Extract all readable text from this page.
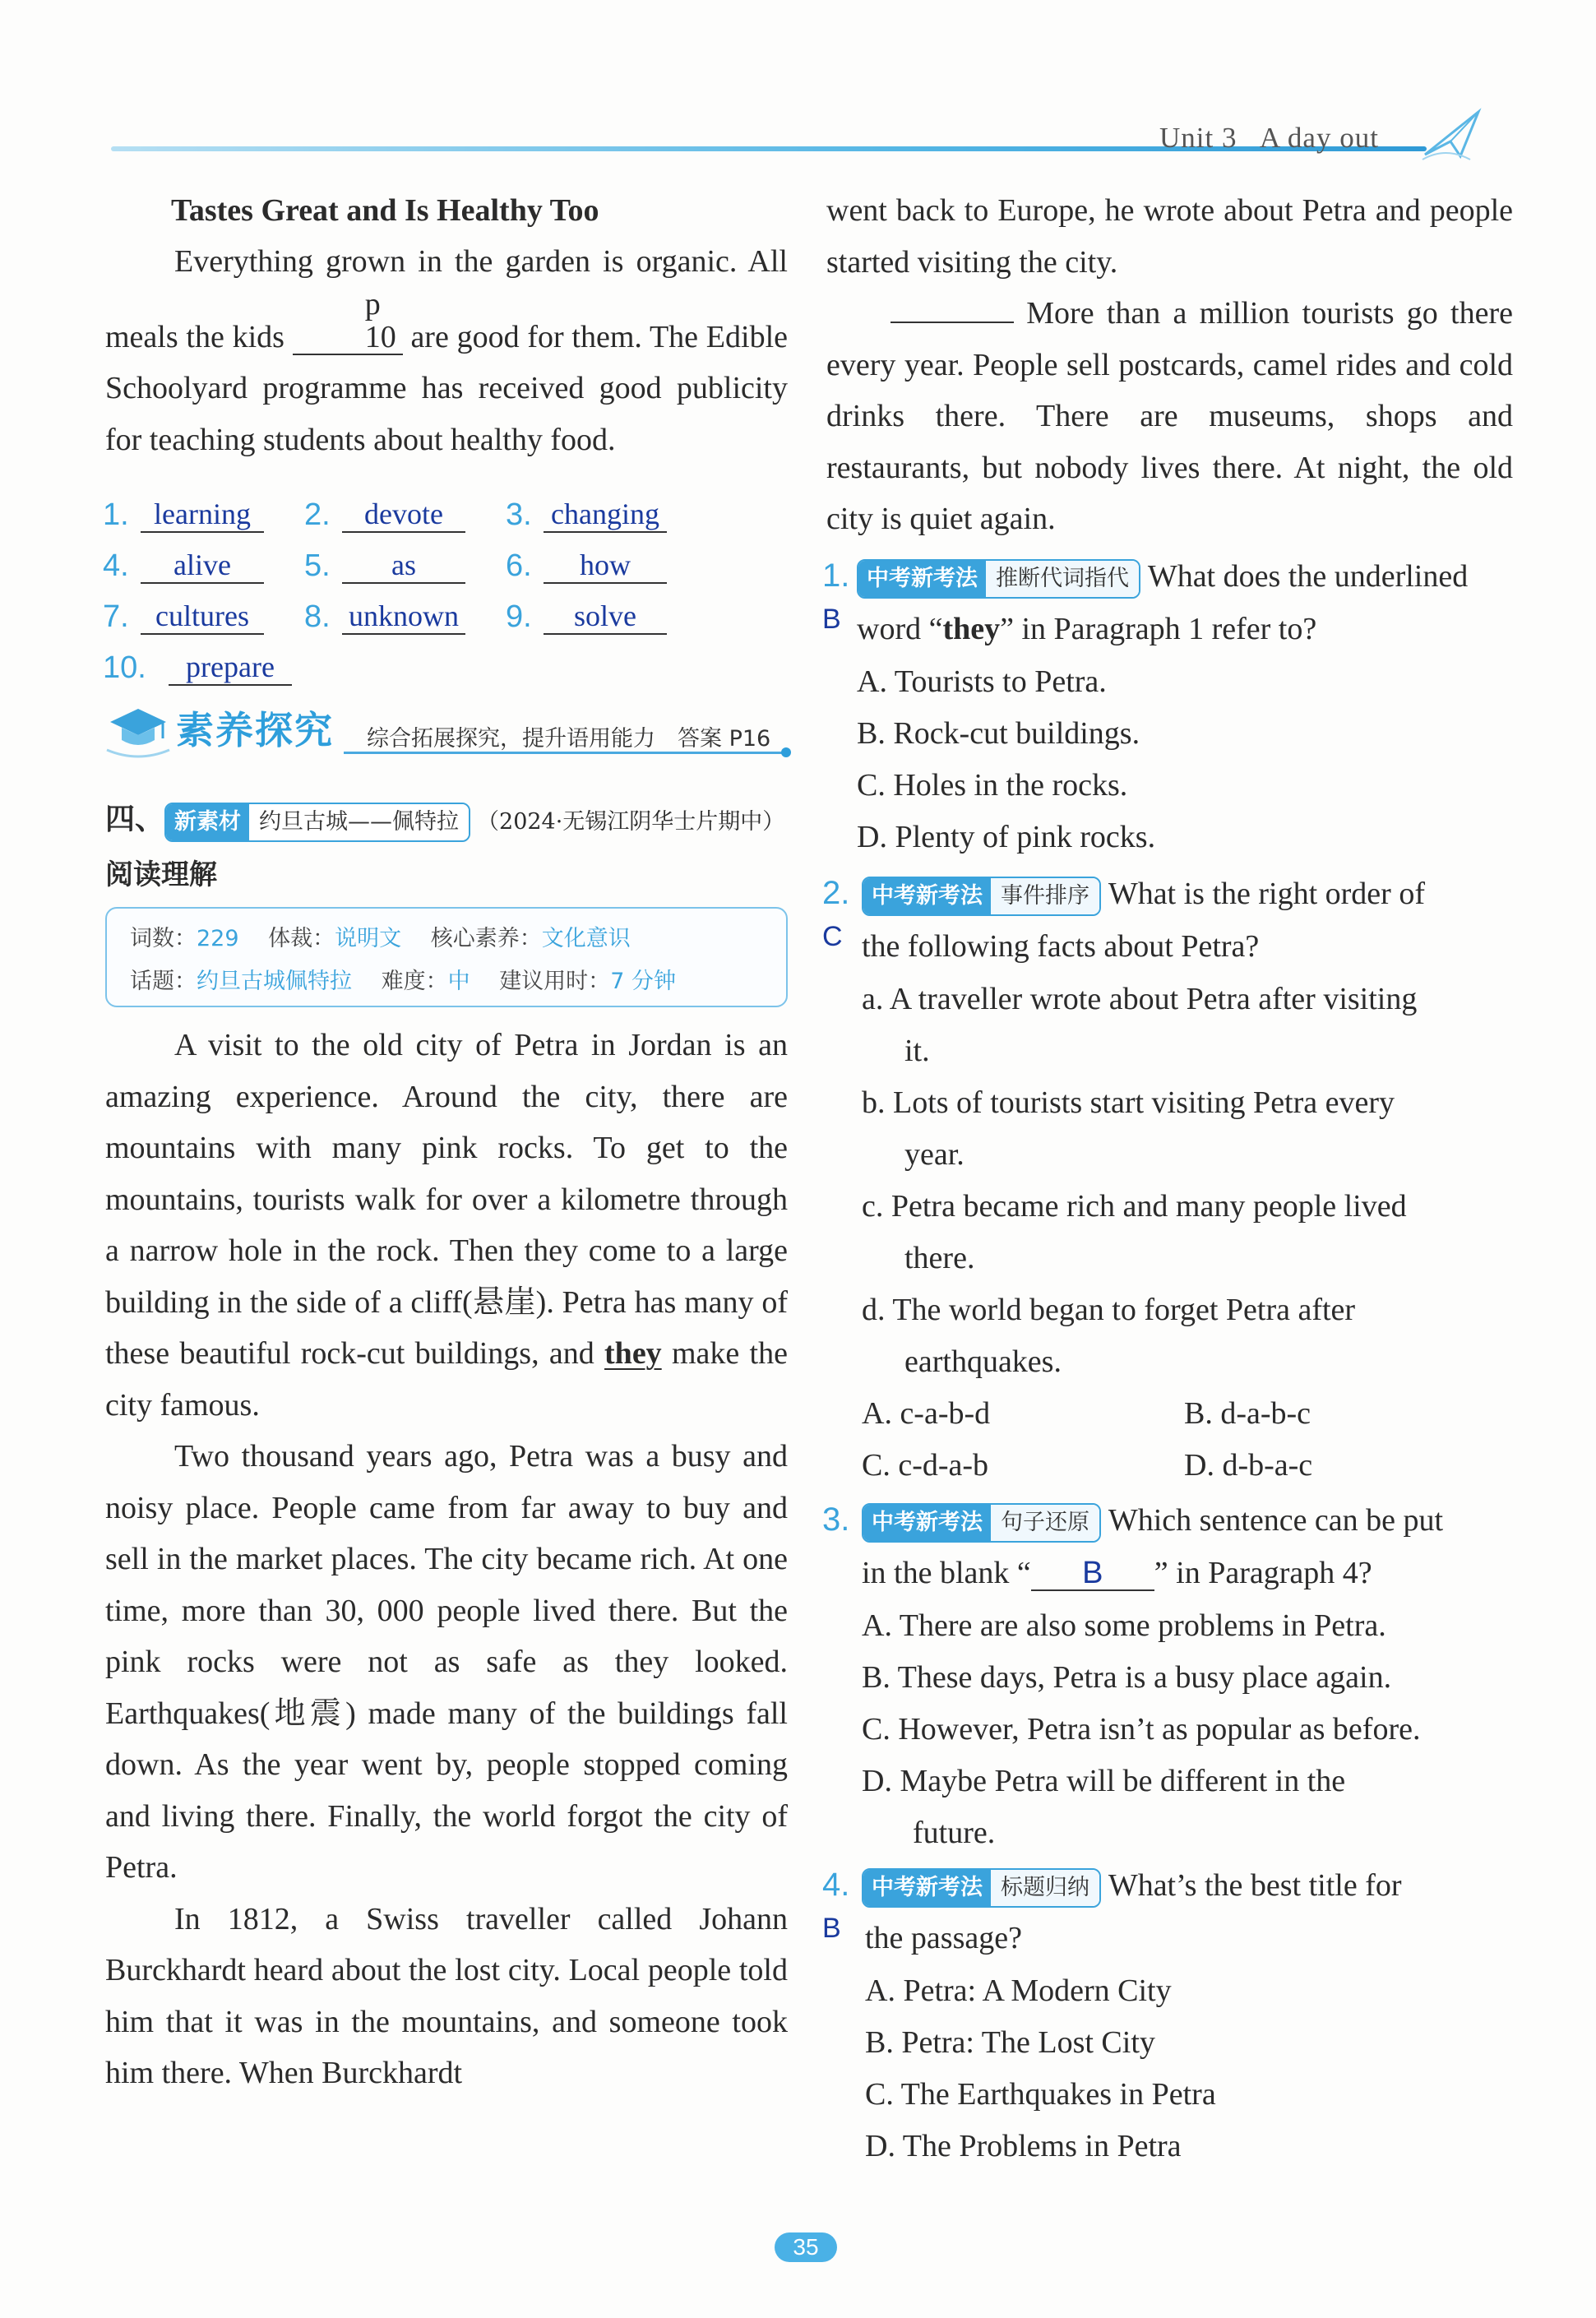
Unit 3 A day out
Tastes Great and Is Healthy Too

Everything grown in the garden is organic. All meals the kids p10 are good for them. The Edible Schoolyard programme has received good publicity for teaching students about healthy food.

1. learning	2.	devote	3. changing
4.	alive	5.	as	6.	how
7. cultures	8. unknown 9.	solve
10.	prepare
素养探究 综合拓展探究，提升语用能力　 答案 P16
四、 新素材 约旦古城——佩特拉 （2024·无锡江阴华士片期中）
阅读理解
词数：229　 体裁：说明文　 核心素养：文化意识
话题：约旦古城佩特拉　 难度：中　 建议用时：7 分钟

A visit to the old city of Petra in Jordan is an amazing experience. Around the city, there are mountains with many pink rocks. To get to the mountains, tourists walk for over a kilometre through a narrow hole in the rock. Then they come to a large building in the side of a cliff(悬崖). Petra has many of these beautiful rock-cut buildings, and they make the city famous.

Two thousand years ago, Petra was a busy and noisy place. People came from far away to buy and sell in the market places. The city became rich. At one time, more than 30, 000 people lived there. But the pink rocks were not as safe as they looked. Earthquakes(地震) made many of the buildings fall down. As the year went by, people stopped coming and living there. Finally, the world forgot the city of Petra.

In 1812, a Swiss traveller called Johann Burckhardt heard about the lost city. Local people told him that it was in the mountains, and someone took him there. When Burckhardt

went back to Europe, he wrote about Petra and people started visiting the city.

More than a million tourists go there every year. People sell postcards, camel rides and cold drinks there. There are museums, shops and restaurants, but nobody lives there. At night, the old city is quiet again.

1. 中考新考法 推断代词指代 What does the underlined
B word “they” in Paragraph 1 refer to?
A. Tourists to Petra.
B. Rock-cut buildings.
C. Holes in the rocks.
D. Plenty of pink rocks.
2. 中考新考法 事件排序 What is the right order of
C the following facts about Petra?
a. A traveller wrote about Petra after visiting
it.
b. Lots of tourists start visiting Petra every
year.
c. Petra became rich and many people lived
there.
d. The world began to forget Petra after
earthquakes.
A. c-a-b-d	B. d-a-b-c
C. c-d-a-b	D. d-b-a-c
3. 中考新考法 句子还原 Which sentence can be put
in the blank “ B ” in Paragraph 4?
A. There are also some problems in Petra.
B. These days, Petra is a busy place again.
C. However, Petra isn’t as popular as before.
D. Maybe Petra will be different in the
future.
4. 中考新考法 标题归纳 What’s the best title for
B the passage?
A. Petra: A Modern City
B. Petra: The Lost City
C. The Earthquakes in Petra
D. The Problems in Petra
35
